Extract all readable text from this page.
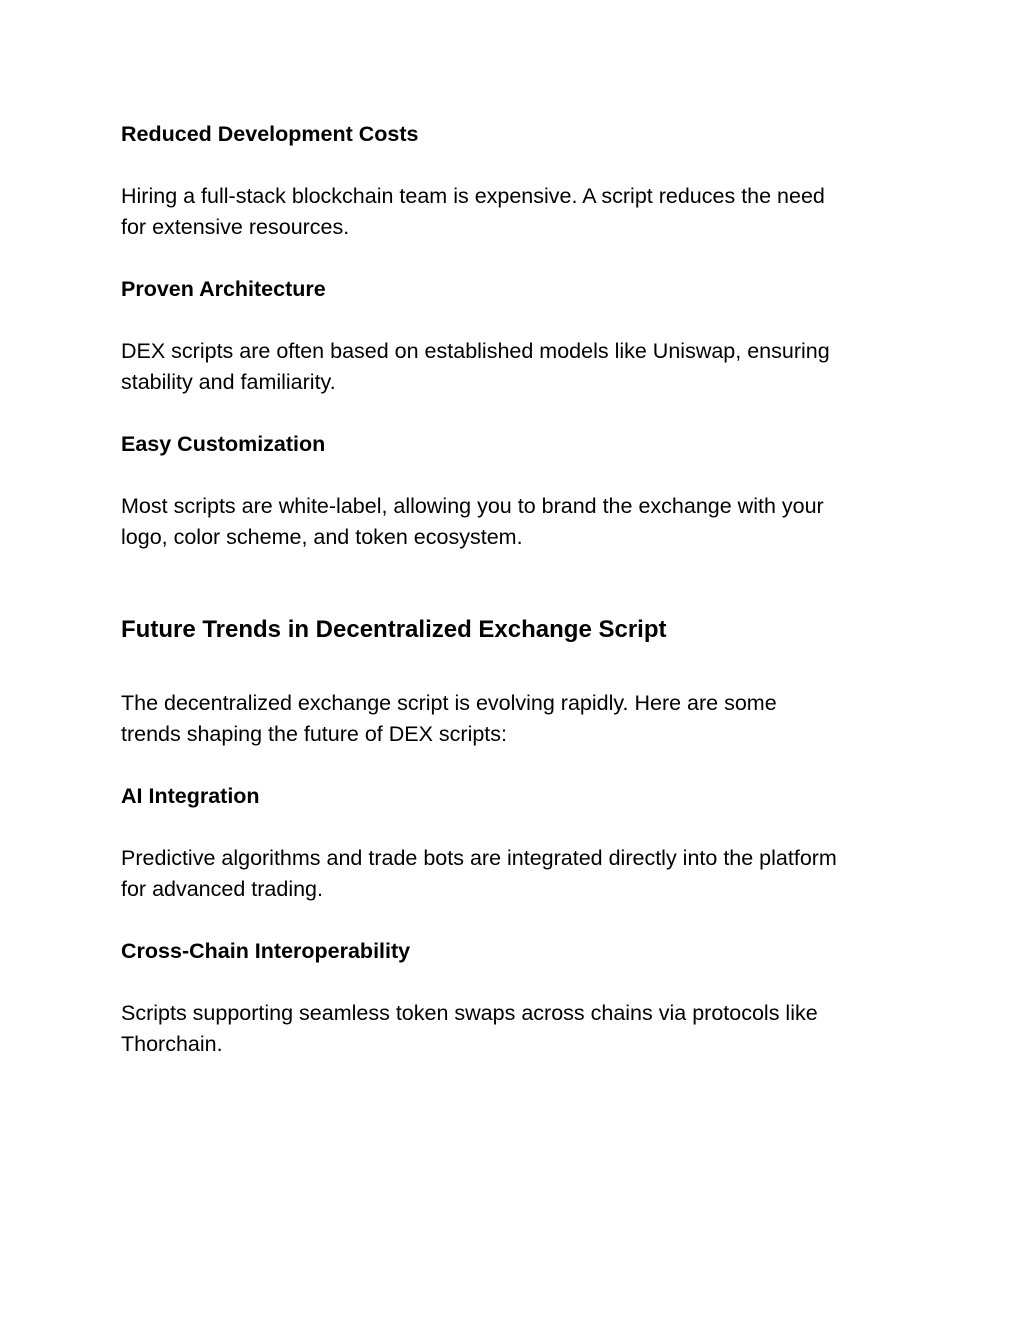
Reduced Development Costs
Hiring a full-stack blockchain team is expensive. A script reduces the need
for extensive resources.
Proven Architecture
DEX scripts are often based on established models like Uniswap, ensuring
stability and familiarity.
Easy Customization
Most scripts are white-label, allowing you to brand the exchange with your
logo, color scheme, and token ecosystem.
Future Trends in Decentralized Exchange Script
The decentralized exchange script is evolving rapidly. Here are some
trends shaping the future of DEX scripts:
AI Integration
Predictive algorithms and trade bots are integrated directly into the platform
for advanced trading.
Cross-Chain Interoperability
Scripts supporting seamless token swaps across chains via protocols like
Thorchain.
